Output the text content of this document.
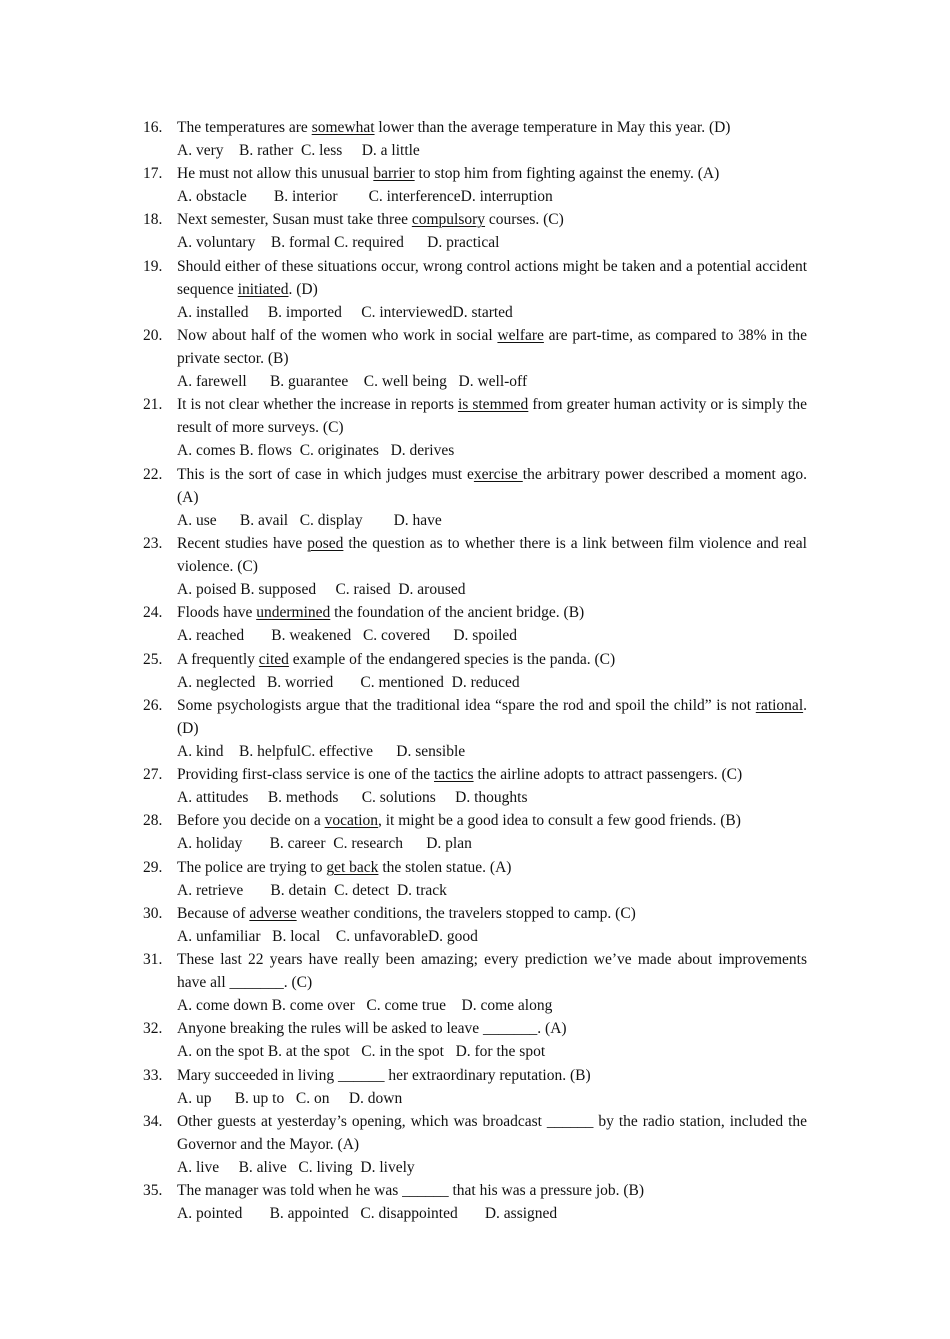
16. The temperatures are somewhat lower than the average temperature in May this year. (D)
A. very B. rather C. less D. a little
17. He must not allow this unusual barrier to stop him from fighting against the enemy. (A)
A. obstacle B. interior C. interferenceD. interruption
18. Next semester, Susan must take three compulsory courses. (C)
A. voluntary B. formal C. required D. practical
19. Should either of these situations occur, wrong control actions might be taken and a potential accident sequence initiated. (D)
A. installed B. imported C. interviewedD. started
20. Now about half of the women who work in social welfare are part-time, as compared to 38% in the private sector. (B)
A. farewell B. guarantee C. well being D. well-off
21. It is not clear whether the increase in reports is stemmed from greater human activity or is simply the result of more surveys. (C)
A. comes B. flows C. originates D. derives
22. This is the sort of case in which judges must exercise the arbitrary power described a moment ago. (A)
A. use B. avail C. display D. have
23. Recent studies have posed the question as to whether there is a link between film violence and real violence. (C)
A. poised B. supposed C. raised D. aroused
24. Floods have undermined the foundation of the ancient bridge. (B)
A. reached B. weakened C. covered D. spoiled
25. A frequently cited example of the endangered species is the panda. (C)
A. neglected B. worried C. mentioned D. reduced
26. Some psychologists argue that the traditional idea “spare the rod and spoil the child” is not rational. (D)
A. kind B. helpfulC. effective D. sensible
27. Providing first-class service is one of the tactics the airline adopts to attract passengers. (C)
A. attitudes B. methods C. solutions D. thoughts
28. Before you decide on a vocation, it might be a good idea to consult a few good friends. (B)
A. holiday B. career C. research D. plan
29. The police are trying to get back the stolen statue. (A)
A. retrieve B. detain C. detect D. track
30. Because of adverse weather conditions, the travelers stopped to camp. (C)
A. unfamiliar B. local C. unfavorableD. good
31. These last 22 years have really been amazing; every prediction we’ve made about improvements have all _______. (C)
A. come down B. come over C. come true D. come along
32. Anyone breaking the rules will be asked to leave _______. (A)
A. on the spot B. at the spot C. in the spot D. for the spot
33. Mary succeeded in living ______ her extraordinary reputation. (B)
A. up B. up to C. on D. down
34. Other guests at yesterday’s opening, which was broadcast ______ by the radio station, included the Governor and the Mayor. (A)
A. live B. alive C. living D. lively
35. The manager was told when he was ______ that his was a pressure job. (B)
A. pointed B. appointed C. disappointed D. assigned
